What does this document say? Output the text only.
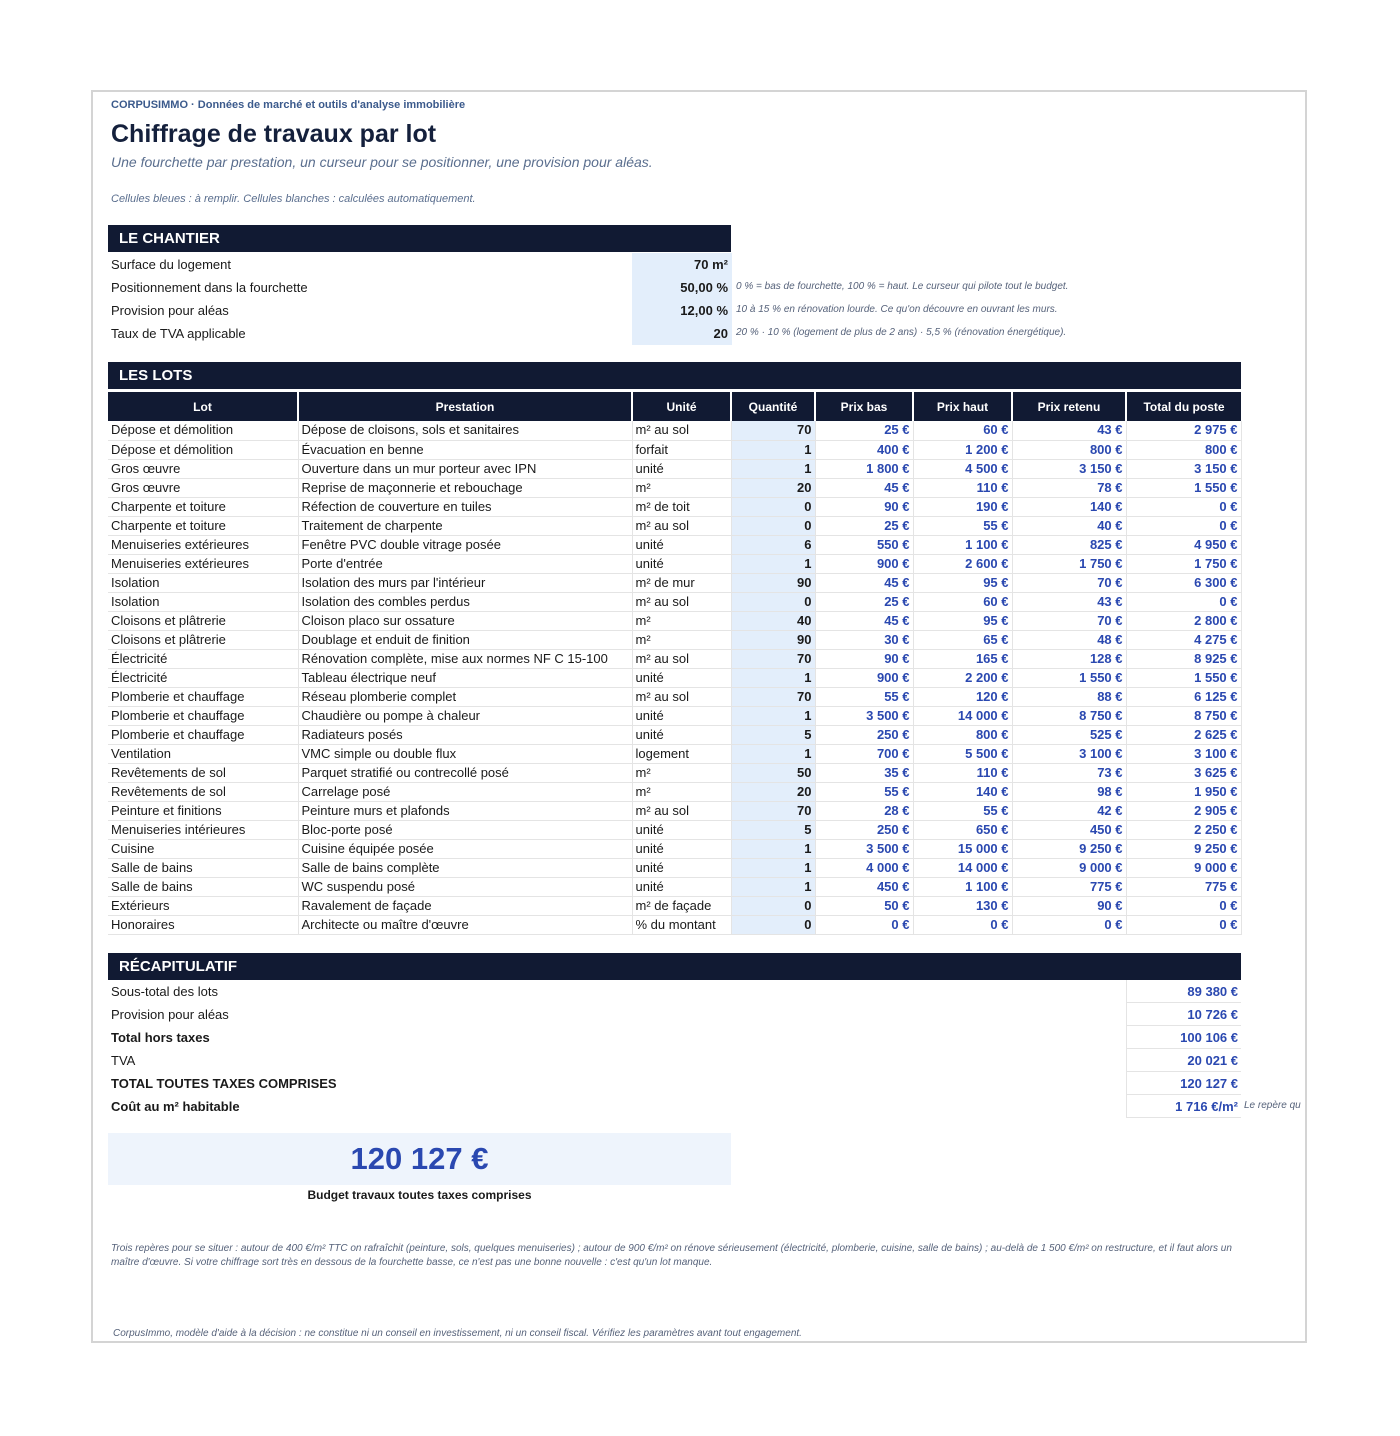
CORPUSIMMO · Données de marché et outils d'analyse immobilière
Chiffrage de travaux par lot
Une fourchette par prestation, un curseur pour se positionner, une provision pour aléas.
Cellules bleues : à remplir. Cellules blanches : calculées automatiquement.
LE CHANTIER
Surface du logement	70 m²
Positionnement dans la fourchette	50,00 % 0 % = bas de fourchette, 100 % = haut. Le curseur qui pilote tout le budget.
Provision pour aléas	12,00 % 10 à 15 % en rénovation lourde. Ce qu'on découvre en ouvrant les murs.
Taux de TVA applicable	20 20 % · 10 % (logement de plus de 2 ans) · 5,5 % (rénovation énergétique).
LES LOTS
Lot	Prestation	Unité	Quantité	Prix bas	Prix haut	Prix retenu	Total du poste
Dépose et démolition	Dépose de cloisons, sols et sanitaires	m² au sol	70	25 €	60 €	43 €	2 975 €
Dépose et démolition	Évacuation en benne	forfait	1	400 €	1 200 €	800 €	800 €
Gros œuvre	Ouverture dans un mur porteur avec IPN	unité	1	1 800 €	4 500 €	3 150 €	3 150 €
Gros œuvre	Reprise de maçonnerie et rebouchage	m²	20	45 €	110 €	78 €	1 550 €
Charpente et toiture	Réfection de couverture en tuiles	m² de toit	0	90 €	190 €	140 €	0 €
Charpente et toiture	Traitement de charpente	m² au sol	0	25 €	55 €	40 €	0 €
Menuiseries extérieures	Fenêtre PVC double vitrage posée	unité	6	550 €	1 100 €	825 €	4 950 €
Menuiseries extérieures	Porte d'entrée	unité	1	900 €	2 600 €	1 750 €	1 750 €
Isolation	Isolation des murs par l'intérieur	m² de mur	90	45 €	95 €	70 €	6 300 €
Isolation	Isolation des combles perdus	m² au sol	0	25 €	60 €	43 €	0 €
Cloisons et plâtrerie	Cloison placo sur ossature	m²	40	45 €	95 €	70 €	2 800 €
Cloisons et plâtrerie	Doublage et enduit de finition	m²	90	30 €	65 €	48 €	4 275 €
Électricité	Rénovation complète, mise aux normes NF C 15-100	m² au sol	70	90 €	165 €	128 €	8 925 €
Électricité	Tableau électrique neuf	unité	1	900 €	2 200 €	1 550 €	1 550 €
Plomberie et chauffage	Réseau plomberie complet	m² au sol	70	55 €	120 €	88 €	6 125 €
Plomberie et chauffage	Chaudière ou pompe à chaleur	unité	1	3 500 €	14 000 €	8 750 €	8 750 €
Plomberie et chauffage	Radiateurs posés	unité	5	250 €	800 €	525 €	2 625 €
Ventilation	VMC simple ou double flux	logement	1	700 €	5 500 €	3 100 €	3 100 €
Revêtements de sol	Parquet stratifié ou contrecollé posé	m²	50	35 €	110 €	73 €	3 625 €
Revêtements de sol	Carrelage posé	m²	20	55 €	140 €	98 €	1 950 €
Peinture et finitions	Peinture murs et plafonds	m² au sol	70	28 €	55 €	42 €	2 905 €
Menuiseries intérieures	Bloc-porte posé	unité	5	250 €	650 €	450 €	2 250 €
Cuisine	Cuisine équipée posée	unité	1	3 500 €	15 000 €	9 250 €	9 250 €
Salle de bains	Salle de bains complète	unité	1	4 000 €	14 000 €	9 000 €	9 000 €
Salle de bains	WC suspendu posé	unité	1	450 €	1 100 €	775 €	775 €
Extérieurs	Ravalement de façade	m² de façade	0	50 €	130 €	90 €	0 €
Honoraires	Architecte ou maître d'œuvre	% du montant	0	0 €	0 €	0 €	0 €
RÉCAPITULATIF
Sous-total des lots	89 380 €
Provision pour aléas	10 726 €
Total hors taxes	100 106 €
TVA	20 021 €
TOTAL TOUTES TAXES COMPRISES	120 127 €
Coût au m² habitable	1 716 €/m² Le repère qu
120 127 €
Budget travaux toutes taxes comprises
Trois repères pour se situer : autour de 400 €/m² TTC on rafraîchit (peinture, sols, quelques menuiseries) ; autour de 900 €/m² on rénove sérieusement (électricité, plomberie, cuisine, salle de bains) ; au-delà de 1 500 €/m² on restructure, et il faut alors un maître d'œuvre. Si votre chiffrage sort très en dessous de la fourchette basse, ce n'est pas une bonne nouvelle : c'est qu'un lot manque.
CorpusImmo, modèle d'aide à la décision : ne constitue ni un conseil en investissement, ni un conseil fiscal. Vérifiez les paramètres avant tout engagement.
